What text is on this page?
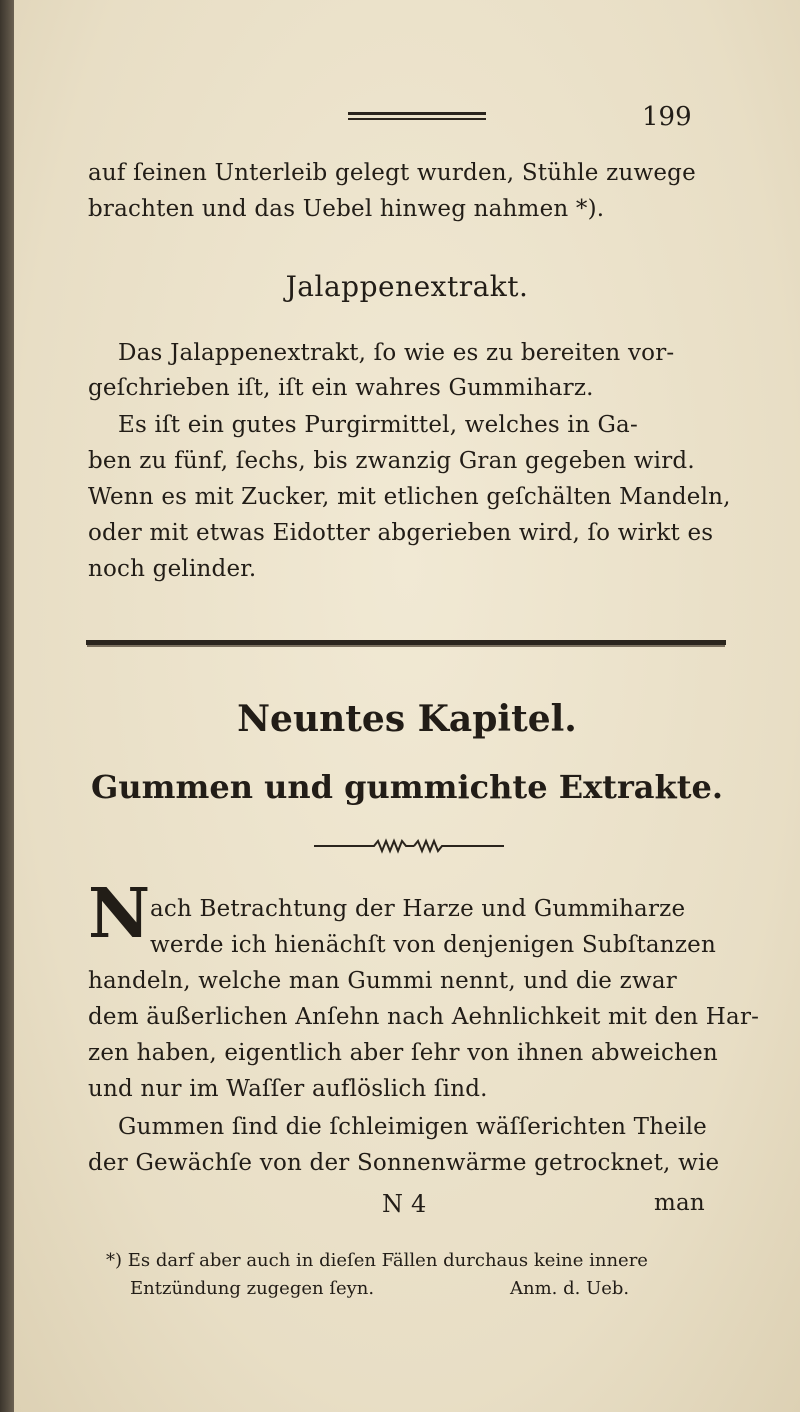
199
auf ſeinen Unterleib gelegt wurden, Stühle zuwege
brachten und das Uebel hinweg nahmen *).
Jalappenextrakt.
Das Jalappenextrakt, ſo wie es zu bereiten vor-
geſchrieben iſt, iſt ein wahres Gummiharz.
Es iſt ein gutes Purgirmittel, welches in Ga-
ben zu fünf, ſechs, bis zwanzig Gran gegeben wird.
Wenn es mit Zucker, mit etlichen geſchälten Mandeln,
oder mit etwas Eidotter abgerieben wird, ſo wirkt es
noch gelinder.
Neuntes Kapitel.
Gummen und gummichte Extrakte.
N ach Betrachtung der Harze und Gummiharze
werde ich hienächſt von denjenigen Subſtanzen
handeln, welche man Gummi nennt, und die zwar
dem äußerlichen Anſehn nach Aehnlichkeit mit den Har-
zen haben, eigentlich aber ſehr von ihnen abweichen
und nur im Waſſer auflöslich ſind.
Gummen ſind die ſchleimigen wäſſerichten Theile
der Gewächſe von der Sonnenwärme getrocknet, wie
N 4	man
*) Es darf aber auch in dieſen Fällen durchaus keine innere
Entzündung zugegen ſeyn.	Anm. d. Ueb.
